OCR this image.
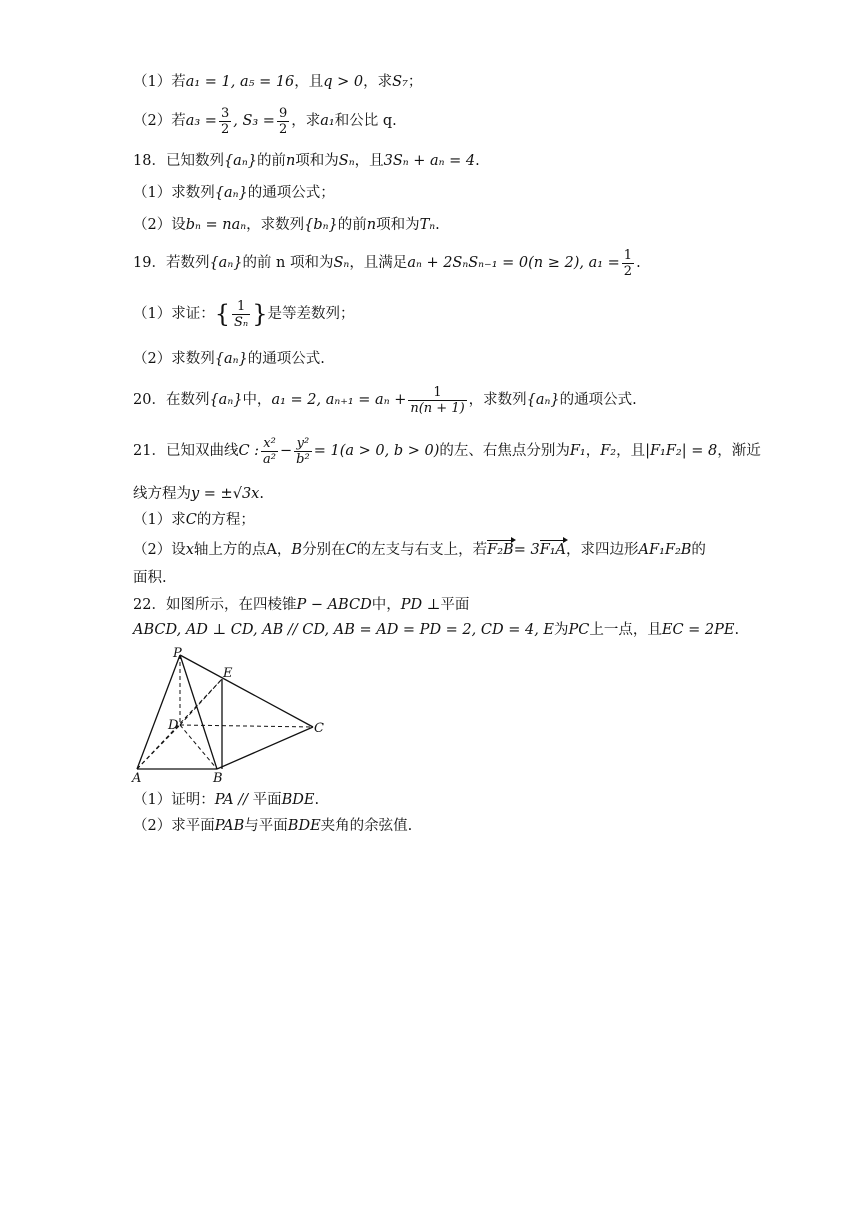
（1）若a₁ = 1, a₅ = 16，且q > 0，求S₇；
（2）若$a_3 = \frac{3}{2}$ , $S_3 = \frac{9}{2}$ ，求a₁和公比 q.
18．已知数列{aₙ}的前n项和为Sₙ，且3Sₙ + aₙ = 4.
（1）求数列{aₙ}的通项公式；
（2）设bₙ = naₙ，求数列{bₙ}的前n项和为Tₙ.
19．若数列{aₙ}的前 n 项和为Sₙ，且满足aₙ + 2SₙSₙ₋₁ = 0(n ≥ 2), $a_1 = \frac{1}{2}$ .
（1）求证：{ $\frac{1}{\text{Sₙ}}$ }是等差数列；
（2）求数列{aₙ}的通项公式.
20．在数列{aₙ}中，a₁ = 2, $a_{n+1} = a_n + \frac{1}{n(n + 1)}$ ，求数列{aₙ}的通项公式.
21．已知双曲线C : $\frac{\text{x²}}{\text{a²}} - \frac{\text{y²}}{\text{b²}} = 1(a > 0$, b > 0)的左、右焦点分别为F₁，F₂，且|F₁F₂| = 8，渐近
线方程为y = ±√3x.
（1）求C的方程；
（2）设x轴上方的点A，B分别在C的左支与右支上，若F₂B= 3F₁A，求四边形AF₁F₂B的
面积.
22．如图所示，在四棱锥P − ABCD中，PD ⊥平面
ABCD, AD ⊥ CD, AB // CD, AB = AD = PD = 2, CD = 4, E为PC上一点，且EC = 2PE.
P
E
D	C
A	B
（1）证明：PA // 平面BDE.
（2）求平面PAB与平面BDE夹角的余弦值.
